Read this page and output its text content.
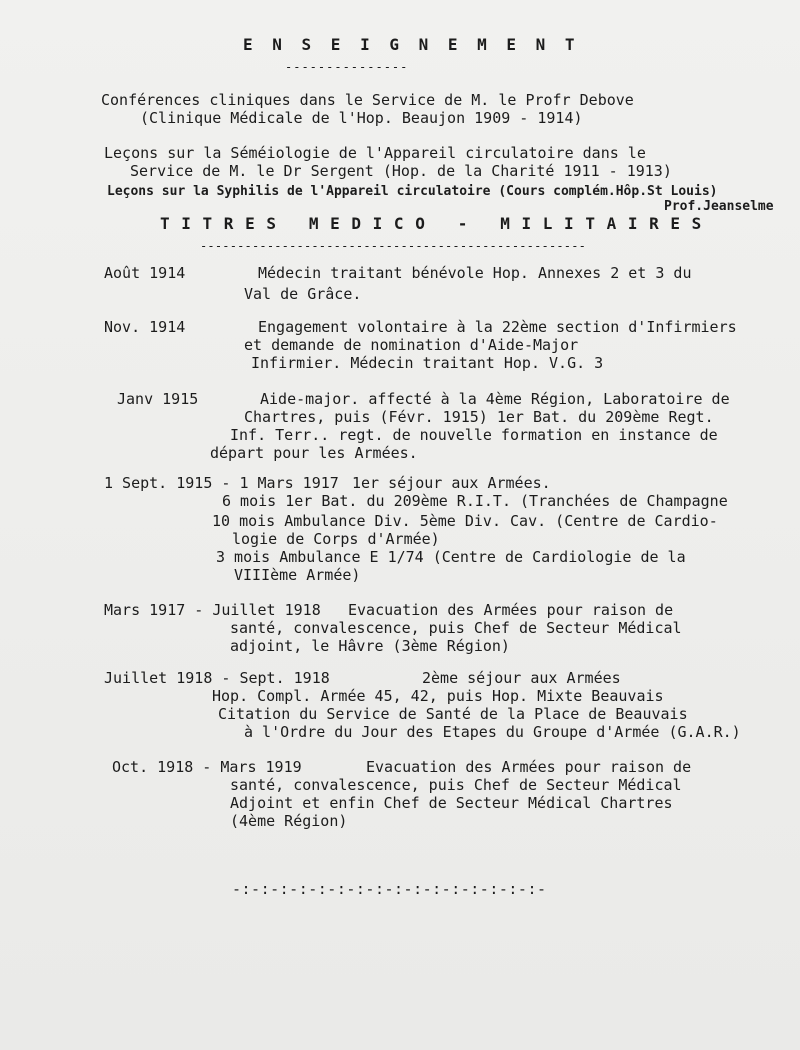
E N S E I G N E M E N T
---------------
Conférences cliniques dans le Service de M. le Profr Debove
(Clinique Médicale de l'Hop. Beaujon 1909 - 1914)
Leçons sur la Séméiologie de l'Appareil circulatoire dans le
Service de M. le Dr Sergent (Hop. de la Charité 1911 - 1913)
Leçons sur la Syphilis de l'Appareil circulatoire (Cours complém.Hôp.St Louis)
Prof.Jeanselme
T I T R E S   M E D I C O   -   M I L I T A I R E S
----------------------------------------------------
Août 1914	Médecin traitant bénévole Hop. Annexes 2 et 3 du
Val de Grâce.
Nov. 1914	Engagement volontaire à la 22ème section d'Infirmiers
et demande de nomination d'Aide-Major
Infirmier. Médecin traitant Hop. V.G. 3
Janv 1915	Aide-major. affecté à la 4ème Région, Laboratoire de
Chartres, puis (Févr. 1915) 1er Bat. du 209ème Regt.
Inf. Terr.. regt. de nouvelle formation en instance de
départ pour les Armées.
1 Sept. 1915 - 1 Mars 1917 1er séjour aux Armées.
6 mois 1er Bat. du 209ème R.I.T. (Tranchées de Champagne
10 mois Ambulance Div. 5ème Div. Cav. (Centre de Cardio-
logie de Corps d'Armée)
3 mois Ambulance E 1/74 (Centre de Cardiologie de la
VIIIème Armée)
Mars 1917 - Juillet 1918 Evacuation des Armées pour raison de
santé, convalescence, puis Chef de Secteur Médical
adjoint, le Hâvre (3ème Région)
Juillet 1918 - Sept. 1918	2ème séjour aux Armées
Hop. Compl. Armée 45, 42, puis Hop. Mixte Beauvais
Citation du Service de Santé de la Place de Beauvais
à l'Ordre du Jour des Etapes du Groupe d'Armée (G.A.R.)
Oct. 1918 - Mars 1919	Evacuation des Armées pour raison de
santé, convalescence, puis Chef de Secteur Médical
Adjoint et enfin Chef de Secteur Médical Chartres
(4ème Région)
-:-:-:-:-:-:-:-:-:-:-:-:-:-:-:-:-
